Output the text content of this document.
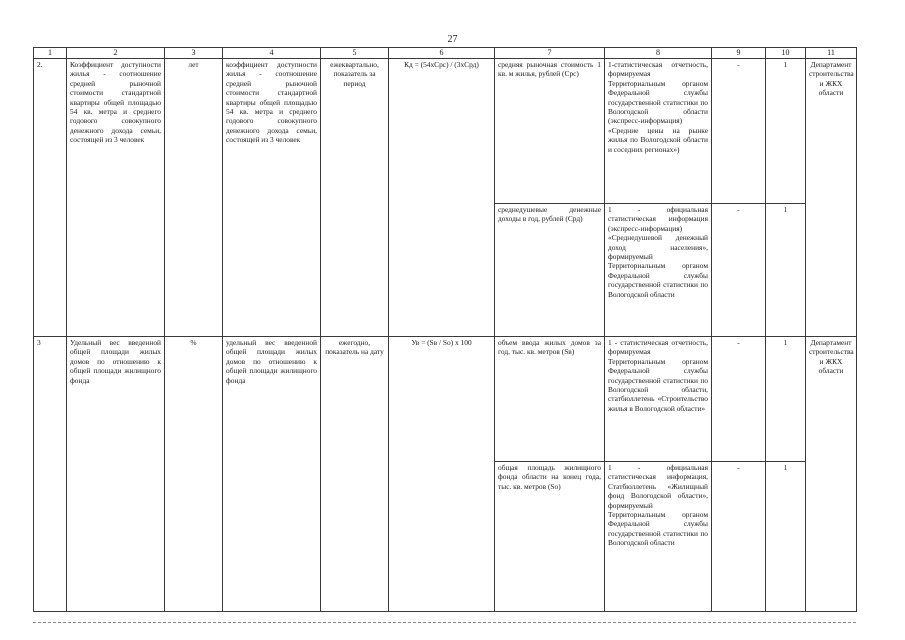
27
1	2	3	4	5	6	7	8	9	10	11
2.	Коэффициент доступности жилья - соотношение средней рыночной стоимости стандартной квартиры общей площадью 54 кв. метра и среднего годового совокупного денежного дохода семьи, состоящей из 3 человек	лет	коэффициент доступности жилья - соотношение средней рыночной стоимости стандартной квартиры общей площадью 54 кв. метра и среднего годового совокупного денежного дохода семьи, состоящей из 3 человек	ежеквартально, показатель за период	Кд = (54хСрс) / (3хСрд)	средняя рыночная стоимость 1 кв. м жилья, рублей (Срс)	1-статистическая отчетность, формируемая Территориальным органом Федеральной службы государственной статистики по Вологодской области (экспресс-информация) «Средние цены на рынке жилья по Вологодской области и соседних регионах»)	-	1	Департамент строительства и ЖКХ области
						среднедушевые денежные доходы в год, рублей (Срд)	1 - официальная статистическая информация (экспресс-информация) «Среднедушевой денежный доход населения», формируемый Территориальным органом Федеральной службы государственной статистики по Вологодской области	-	1	
3	Удельный вес введенной общей площади жилых домов по отношению к общей площади жилищного фонда	%	удельный вес введенной общей площади жилых домов по отношению к общей площади жилищного фонда	ежегодно, показатель на дату	Ув = (Sв / So) х 100	объем ввода жилых домов за год, тыс. кв. метров (Sв)	1 - статистическая отчетность, формируемая Территориальным органом Федеральной службы государственной статистики по Вологодской области, статбюллетень «Строительство жилья в Вологодской области»	-	1	Департамент строительства и ЖКХ области
						общая площадь жилищного фонда области на конец года, тыс. кв. метров (So)	1 - официальная статистическая информация, Статбюллетень «Жилищный фонд Вологодской области», формируемый Территориальным органом Федеральной службы государственной статистики по Вологодской области	-	1	
